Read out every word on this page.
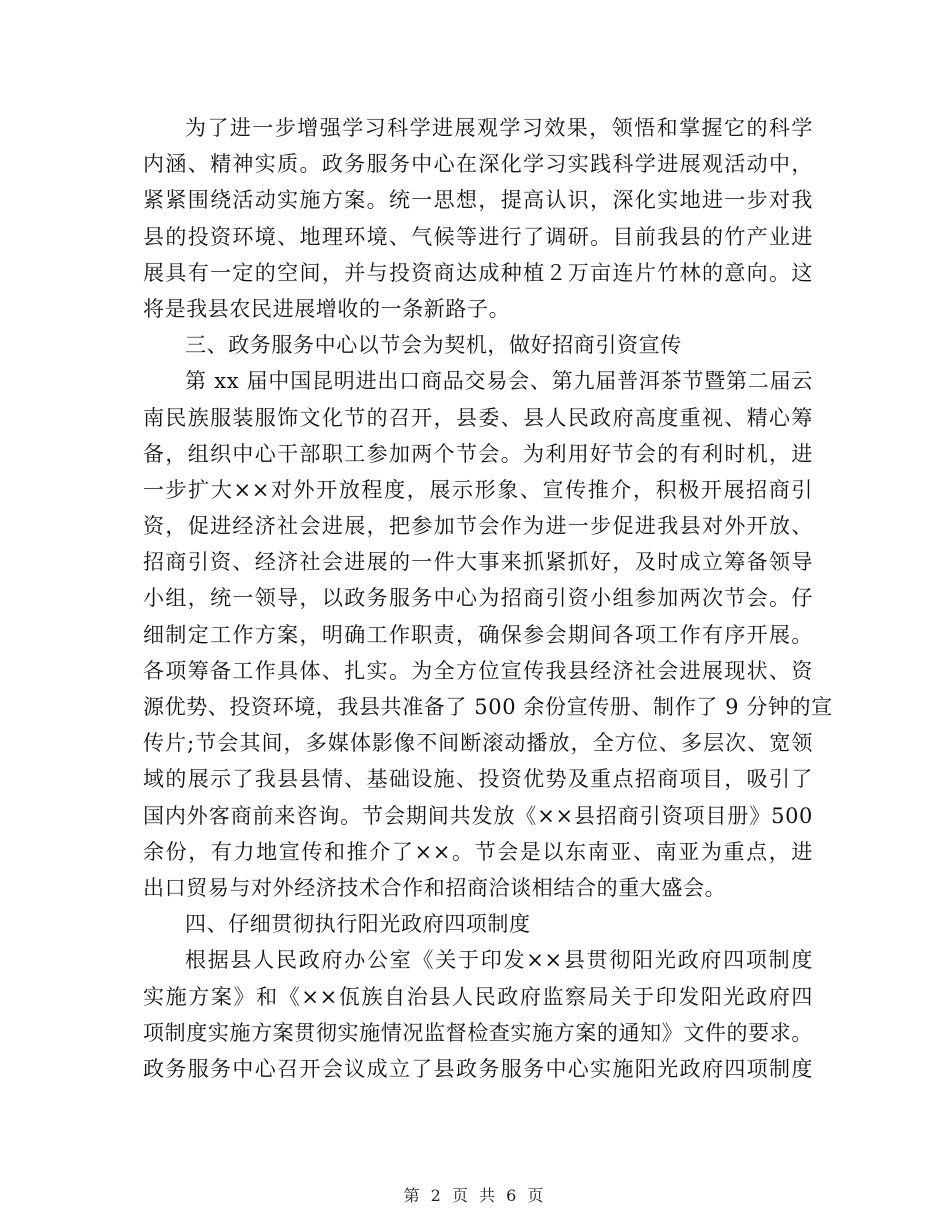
为了进一步增强学习科学进展观学习效果，领悟和掌握它的科学
内涵、精神实质。政务服务中心在深化学习实践科学进展观活动中，
紧紧围绕活动实施方案。统一思想，提高认识，深化实地进一步对我
县的投资环境、地理环境、气候等进行了调研。目前我县的竹产业进
展具有一定的空间，并与投资商达成种植２万亩连片竹林的意向。这
将是我县农民进展增收的一条新路子。
三、政务服务中心以节会为契机，做好招商引资宣传
第 xx 届中国昆明进出口商品交易会、第九届普洱茶节暨第二届云
南民族服装服饰文化节的召开，县委、县人民政府高度重视、精心筹
备，组织中心干部职工参加两个节会。为利用好节会的有利时机，进
一步扩大××对外开放程度，展示形象、宣传推介，积极开展招商引
资，促进经济社会进展，把参加节会作为进一步促进我县对外开放、
招商引资、经济社会进展的一件大事来抓紧抓好，及时成立筹备领导
小组，统一领导，以政务服务中心为招商引资小组参加两次节会。仔
细制定工作方案，明确工作职责，确保参会期间各项工作有序开展。
各项筹备工作具体、扎实。为全方位宣传我县经济社会进展现状、资
源优势、投资环境，我县共准备了 500 余份宣传册、制作了 9 分钟的宣
传片;节会其间，多媒体影像不间断滚动播放，全方位、多层次、宽领
域的展示了我县县情、基础设施、投资优势及重点招商项目，吸引了
国内外客商前来咨询。节会期间共发放《××县招商引资项目册》500
余份，有力地宣传和推介了××。节会是以东南亚、南亚为重点，进
出口贸易与对外经济技术合作和招商洽谈相结合的重大盛会。
四、仔细贯彻执行阳光政府四项制度
根据县人民政府办公室《关于印发××县贯彻阳光政府四项制度
实施方案》和《××佤族自治县人民政府监察局关于印发阳光政府四
项制度实施方案贯彻实施情况监督检查实施方案的通知》文件的要求。
政务服务中心召开会议成立了县政务服务中心实施阳光政府四项制度
第 2 页 共 6 页
